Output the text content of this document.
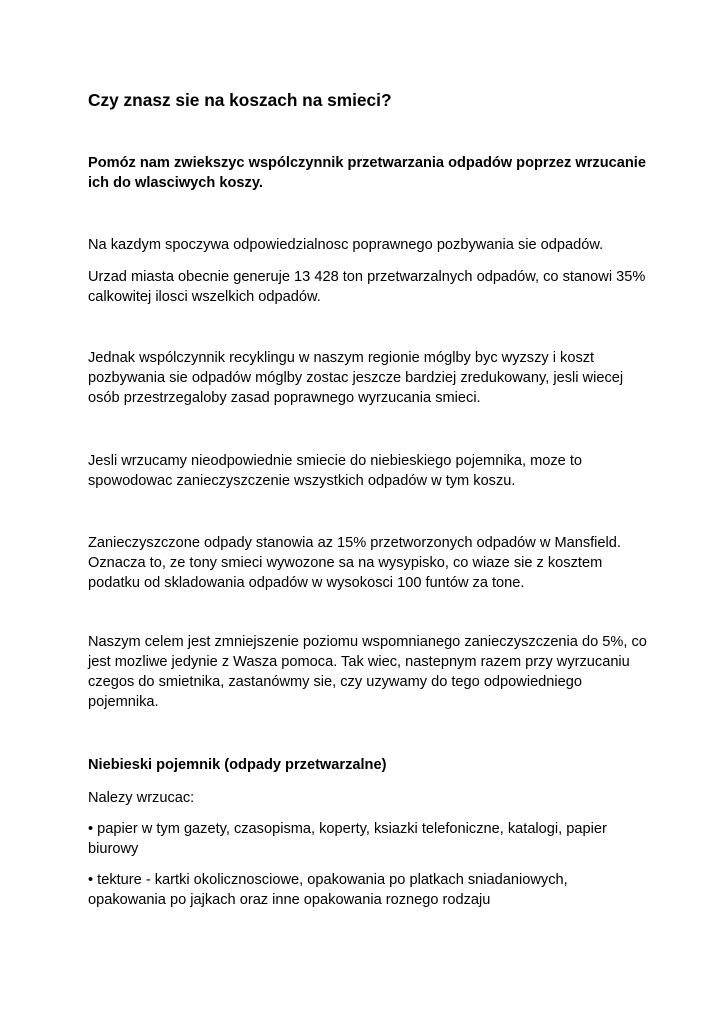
Czy znasz sie na koszach na smieci?

Pomóz nam zwiekszyc wspólczynnik przetwarzania odpadów poprzez wrzucanie ich do wlasciwych koszy.

Na kazdym spoczywa odpowiedzialnosc poprawnego pozbywania sie odpadów.

Urzad miasta obecnie generuje 13 428 ton przetwarzalnych odpadów, co stanowi 35% calkowitej ilosci wszelkich odpadów.

Jednak wspólczynnik recyklingu w naszym regionie móglby byc wyzszy i koszt pozbywania sie odpadów móglby zostac jeszcze bardziej zredukowany, jesli wiecej osób przestrzegaloby zasad poprawnego wyrzucania smieci.

Jesli wrzucamy nieodpowiednie smiecie do niebieskiego pojemnika, moze to spowodowac zanieczyszczenie wszystkich odpadów w tym koszu.

Zanieczyszczone odpady stanowia az 15% przetworzonych odpadów w Mansfield. Oznacza to, ze tony smieci wywozone sa na wysypisko, co wiaze sie z kosztem podatku od skladowania odpadów w wysokosci 100 funtów za tone.

Naszym celem jest zmniejszenie poziomu wspomnianego zanieczyszczenia do 5%, co jest mozliwe jedynie z Wasza pomoca. Tak wiec, nastepnym razem przy wyrzucaniu czegos do smietnika, zastanówmy sie, czy uzywamy do tego odpowiedniego pojemnika.

Niebieski pojemnik (odpady przetwarzalne)

Nalezy wrzucac:

• papier w tym gazety, czasopisma, koperty, ksiazki telefoniczne, katalogi, papier biurowy

• tekture - kartki okolicznosciowe, opakowania po platkach sniadaniowych, opakowania po jajkach oraz inne opakowania roznego rodzaju
